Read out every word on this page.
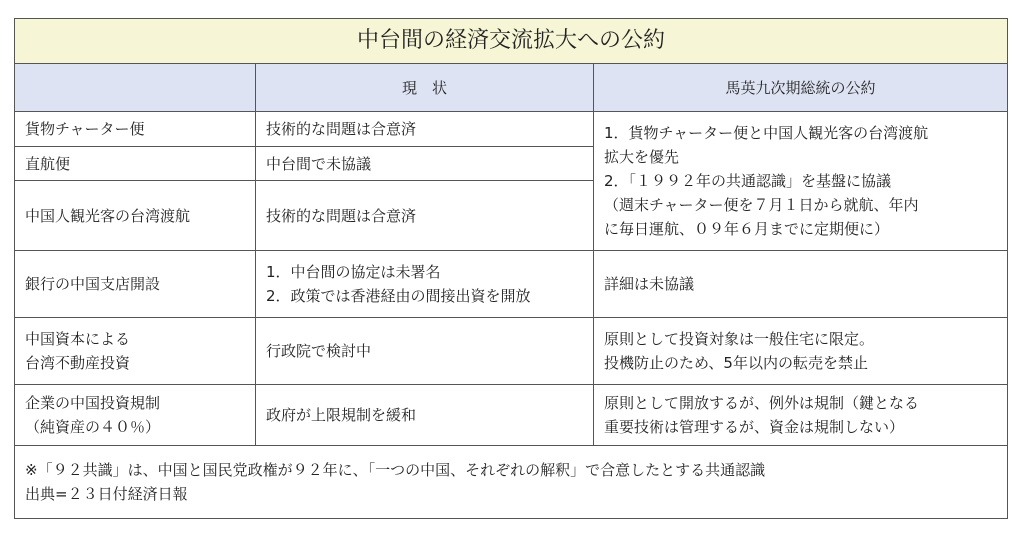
中台間の経済交流拡大への公約		
	現　状	馬英九次期総統の公約

貨物チャーター便	技術的な問題は合意済	1．貨物チャーター便と中国人観光客の台湾渡航
拡大を優先
2．「１９９２年の共通認識」を基盤に協議
（週末チャーター便を７月１日から就航、年内
に毎日運航、０９年６月までに定期便に）

直航便	中台間で未協議	

中国人観光客の台湾渡航	技術的な問題は合意済	

銀行の中国支店開設	1．中台間の協定は未署名
2．政策では香港経由の間接出資を開放	詳細は未協議

中国資本による
台湾不動産投資	行政院で検討中	原則として投資対象は一般住宅に限定。
投機防止のため、5年以内の転売を禁止

企業の中国投資規制
（純資産の４０％）	政府が上限規制を緩和	原則として開放するが、例外は規制（鍵となる
重要技術は管理するが、資金は規制しない）

※「９２共識」は、中国と国民党政権が９２年に、「一つの中国、それぞれの解釈」で合意したとする共通認識
出典=２３日付経済日報		
